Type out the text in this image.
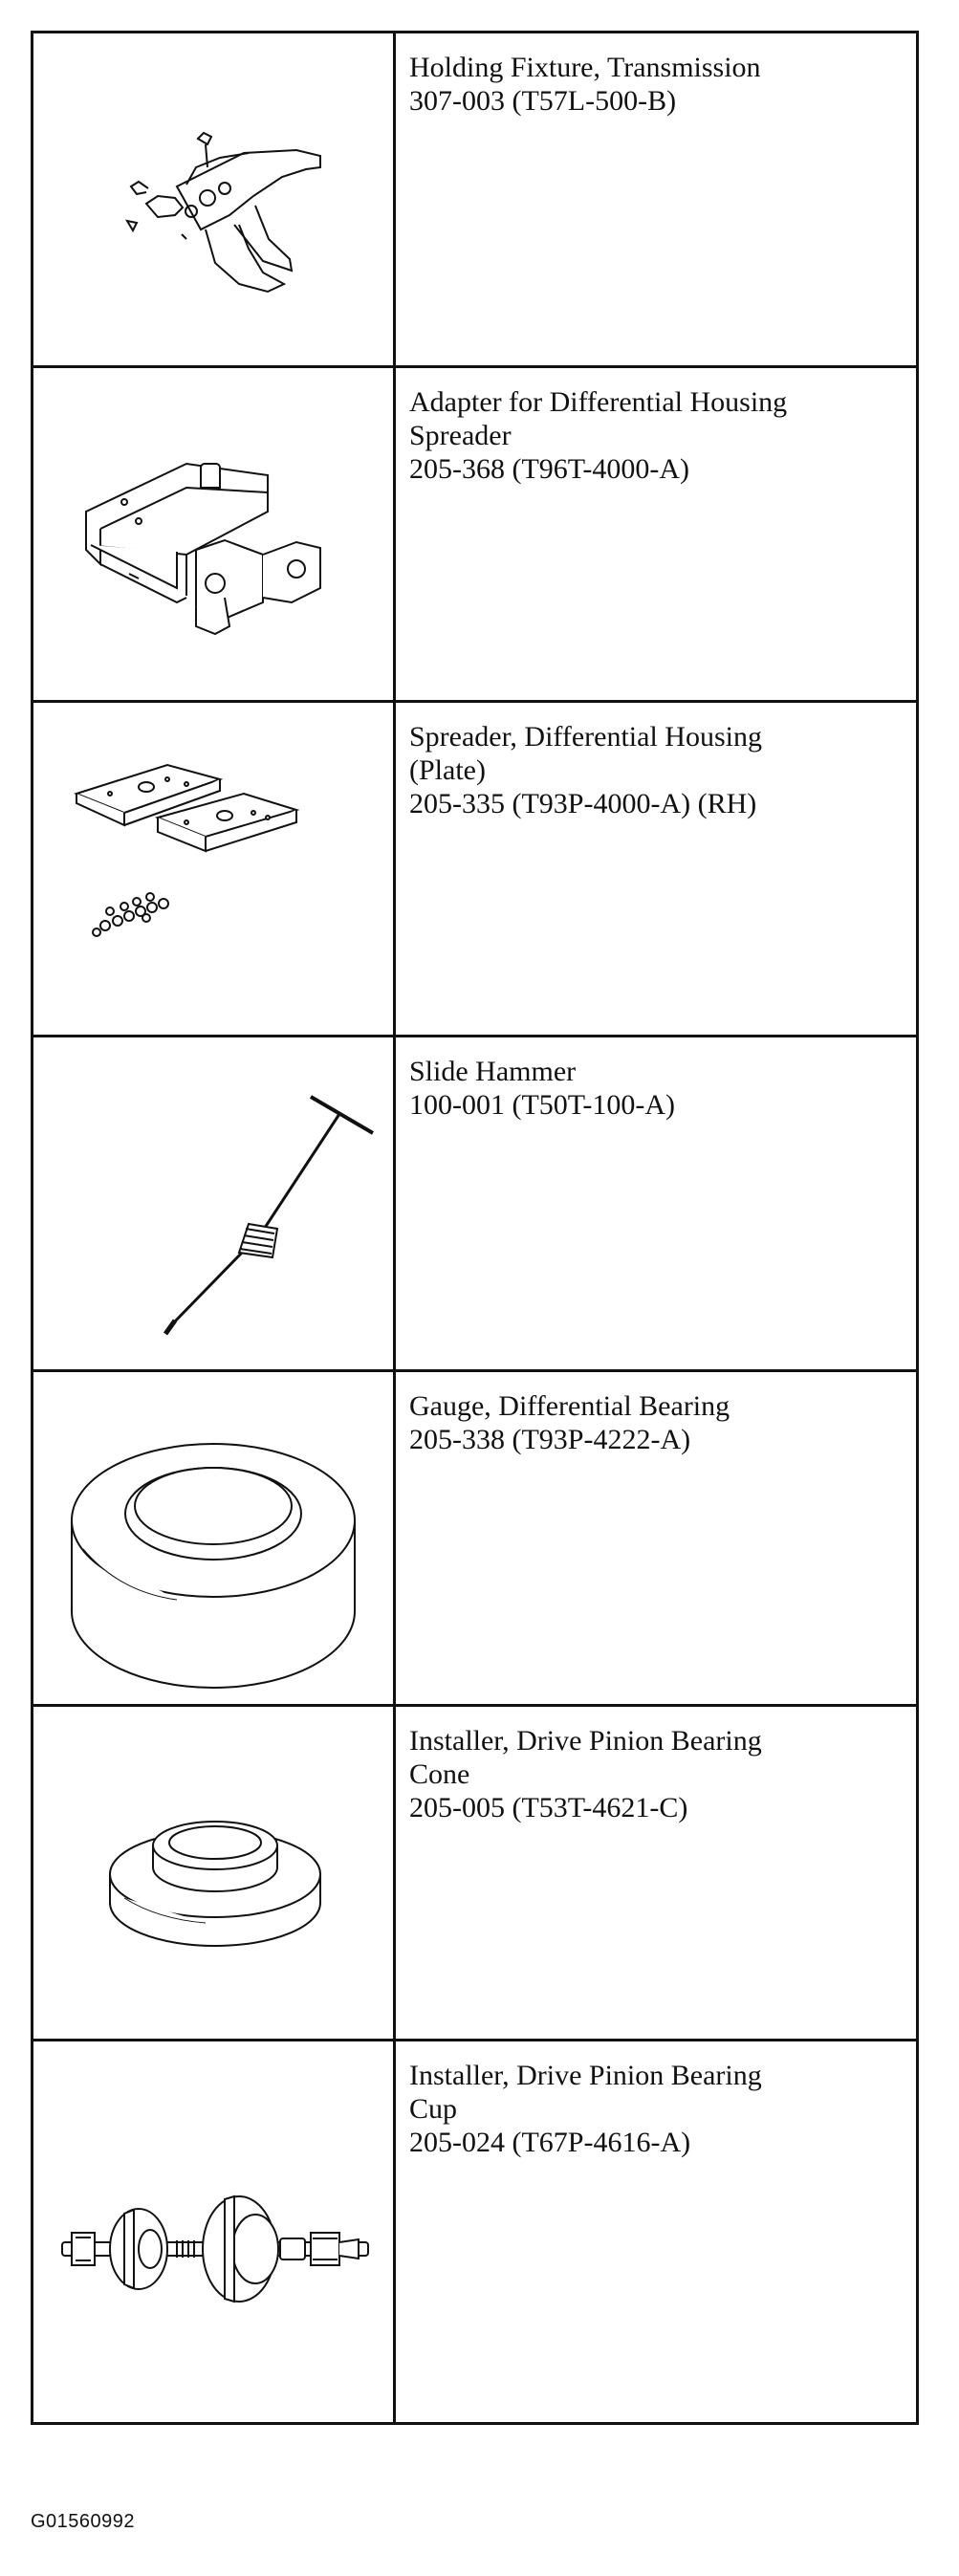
Holding Fixture, Transmission
307-003 (T57L-500-B)
Adapter for Differential Housing
Spreader
205-368 (T96T-4000-A)
Spreader, Differential Housing
(Plate)
205-335 (T93P-4000-A) (RH)
Slide Hammer
100-001 (T50T-100-A)
Gauge, Differential Bearing
205-338 (T93P-4222-A)
Installer, Drive Pinion Bearing
Cone
205-005 (T53T-4621-C)
Installer, Drive Pinion Bearing
Cup
205-024 (T67P-4616-A)
G01560992
